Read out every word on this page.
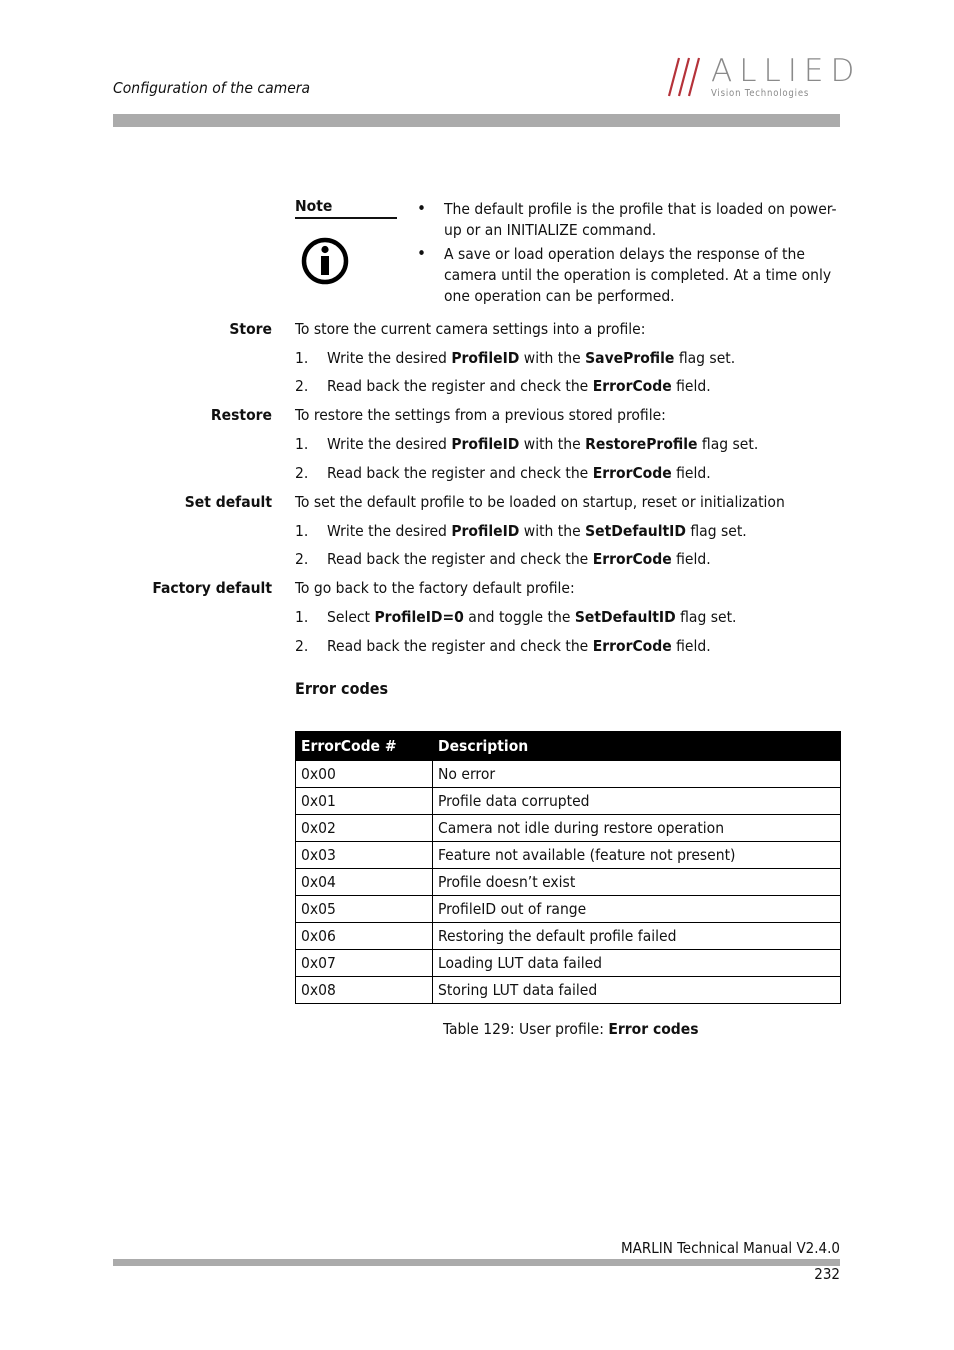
Configuration of the camera	ALLIED
Vision Technologies
Note	• The default profile is the profile that is loaded on power-up or an INITIALIZE command.
• A save or load operation delays the response of the camera until the operation is completed. At a time only one operation can be performed.
Store To store the current camera settings into a profile:
1. Write the desired ProfileID with the SaveProfile flag set.
2. Read back the register and check the ErrorCode field.
Restore To restore the settings from a previous stored profile:
1. Write the desired ProfileID with the RestoreProfile flag set.
2. Read back the register and check the ErrorCode field.
Set default To set the default profile to be loaded on startup, reset or initialization
1. Write the desired ProfileID with the SetDefaultID flag set.
2. Read back the register and check the ErrorCode field.
Factory default To go back to the factory default profile:
1. Select ProfileID=0 and toggle the SetDefaultID flag set.
2. Read back the register and check the ErrorCode field.
Error codes
ErrorCode #	Description
0x00	No error
0x01	Profile data corrupted
0x02	Camera not idle during restore operation
0x03	Feature not available (feature not present)
0x04	Profile doesn’t exist
0x05	ProfileID out of range
0x06	Restoring the default profile failed
0x07	Loading LUT data failed
0x08	Storing LUT data failed
Table 129: User profile: Error codes
MARLIN Technical Manual V2.4.0
232
